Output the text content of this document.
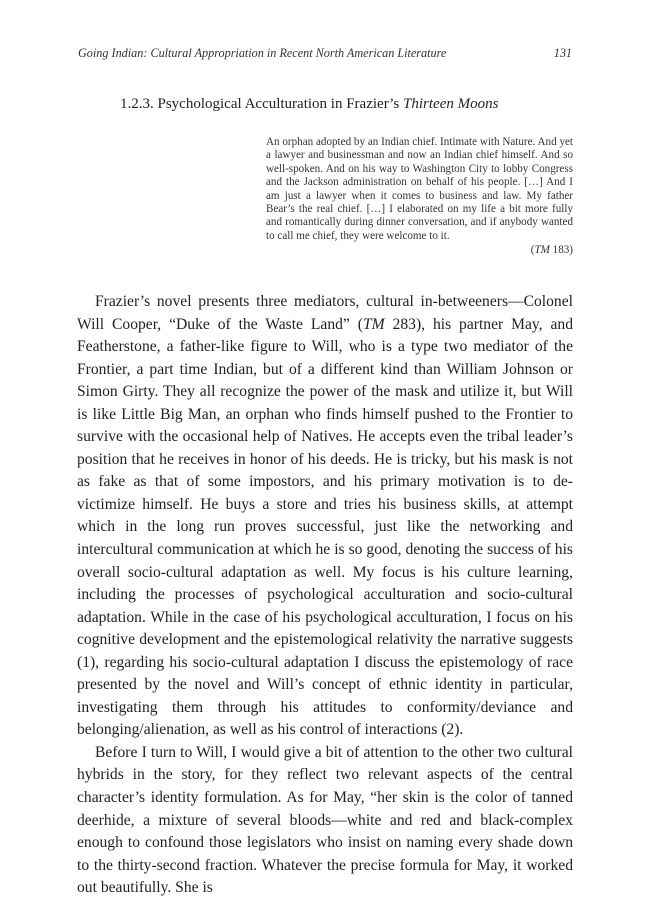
Going Indian: Cultural Appropriation in Recent North American Literature	131
1.2.3. Psychological Acculturation in Frazier’s Thirteen Moons
An orphan adopted by an Indian chief. Intimate with Nature. And yet a lawyer and businessman and now an Indian chief himself. And so well-spoken. And on his way to Washington City to lobby Congress and the Jackson administration on behalf of his people. […] And I am just a lawyer when it comes to business and law. My father Bear’s the real chief. […] I elaborated on my life a bit more fully and romantically during dinner conversation, and if anybody wanted to call me chief, they were welcome to it.
(TM 183)

Frazier’s novel presents three mediators, cultural in-betweeners—Colonel Will Cooper, “Duke of the Waste Land” (TM 283), his partner May, and Featherstone, a father-like figure to Will, who is a type two mediator of the Frontier, a part time Indian, but of a different kind than William Johnson or Simon Girty. They all recognize the power of the mask and utilize it, but Will is like Little Big Man, an orphan who finds himself pushed to the Frontier to survive with the occasional help of Natives. He accepts even the tribal leader’s position that he receives in honor of his deeds. He is tricky, but his mask is not as fake as that of some impostors, and his primary motivation is to de-victimize himself. He buys a store and tries his business skills, at attempt which in the long run proves successful, just like the networking and intercultural communication at which he is so good, denoting the success of his overall socio-cultural adaptation as well. My focus is his culture learning, including the processes of psychological acculturation and socio-cultural adaptation. While in the case of his psychological acculturation, I focus on his cognitive development and the epistemological relativity the narrative suggests (1), regarding his socio-cultural adaptation I discuss the epistemology of race presented by the novel and Will’s concept of ethnic identity in particular, investigating them through his attitudes to conformity/deviance and belonging/alienation, as well as his control of interactions (2).

Before I turn to Will, I would give a bit of attention to the other two cultural hybrids in the story, for they reflect two relevant aspects of the central character’s identity formulation. As for May, “her skin is the color of tanned deerhide, a mixture of several bloods—white and red and black-complex enough to confound those legislators who insist on naming every shade down to the thirty-second fraction. Whatever the precise formula for May, it worked out beautifully. She is
